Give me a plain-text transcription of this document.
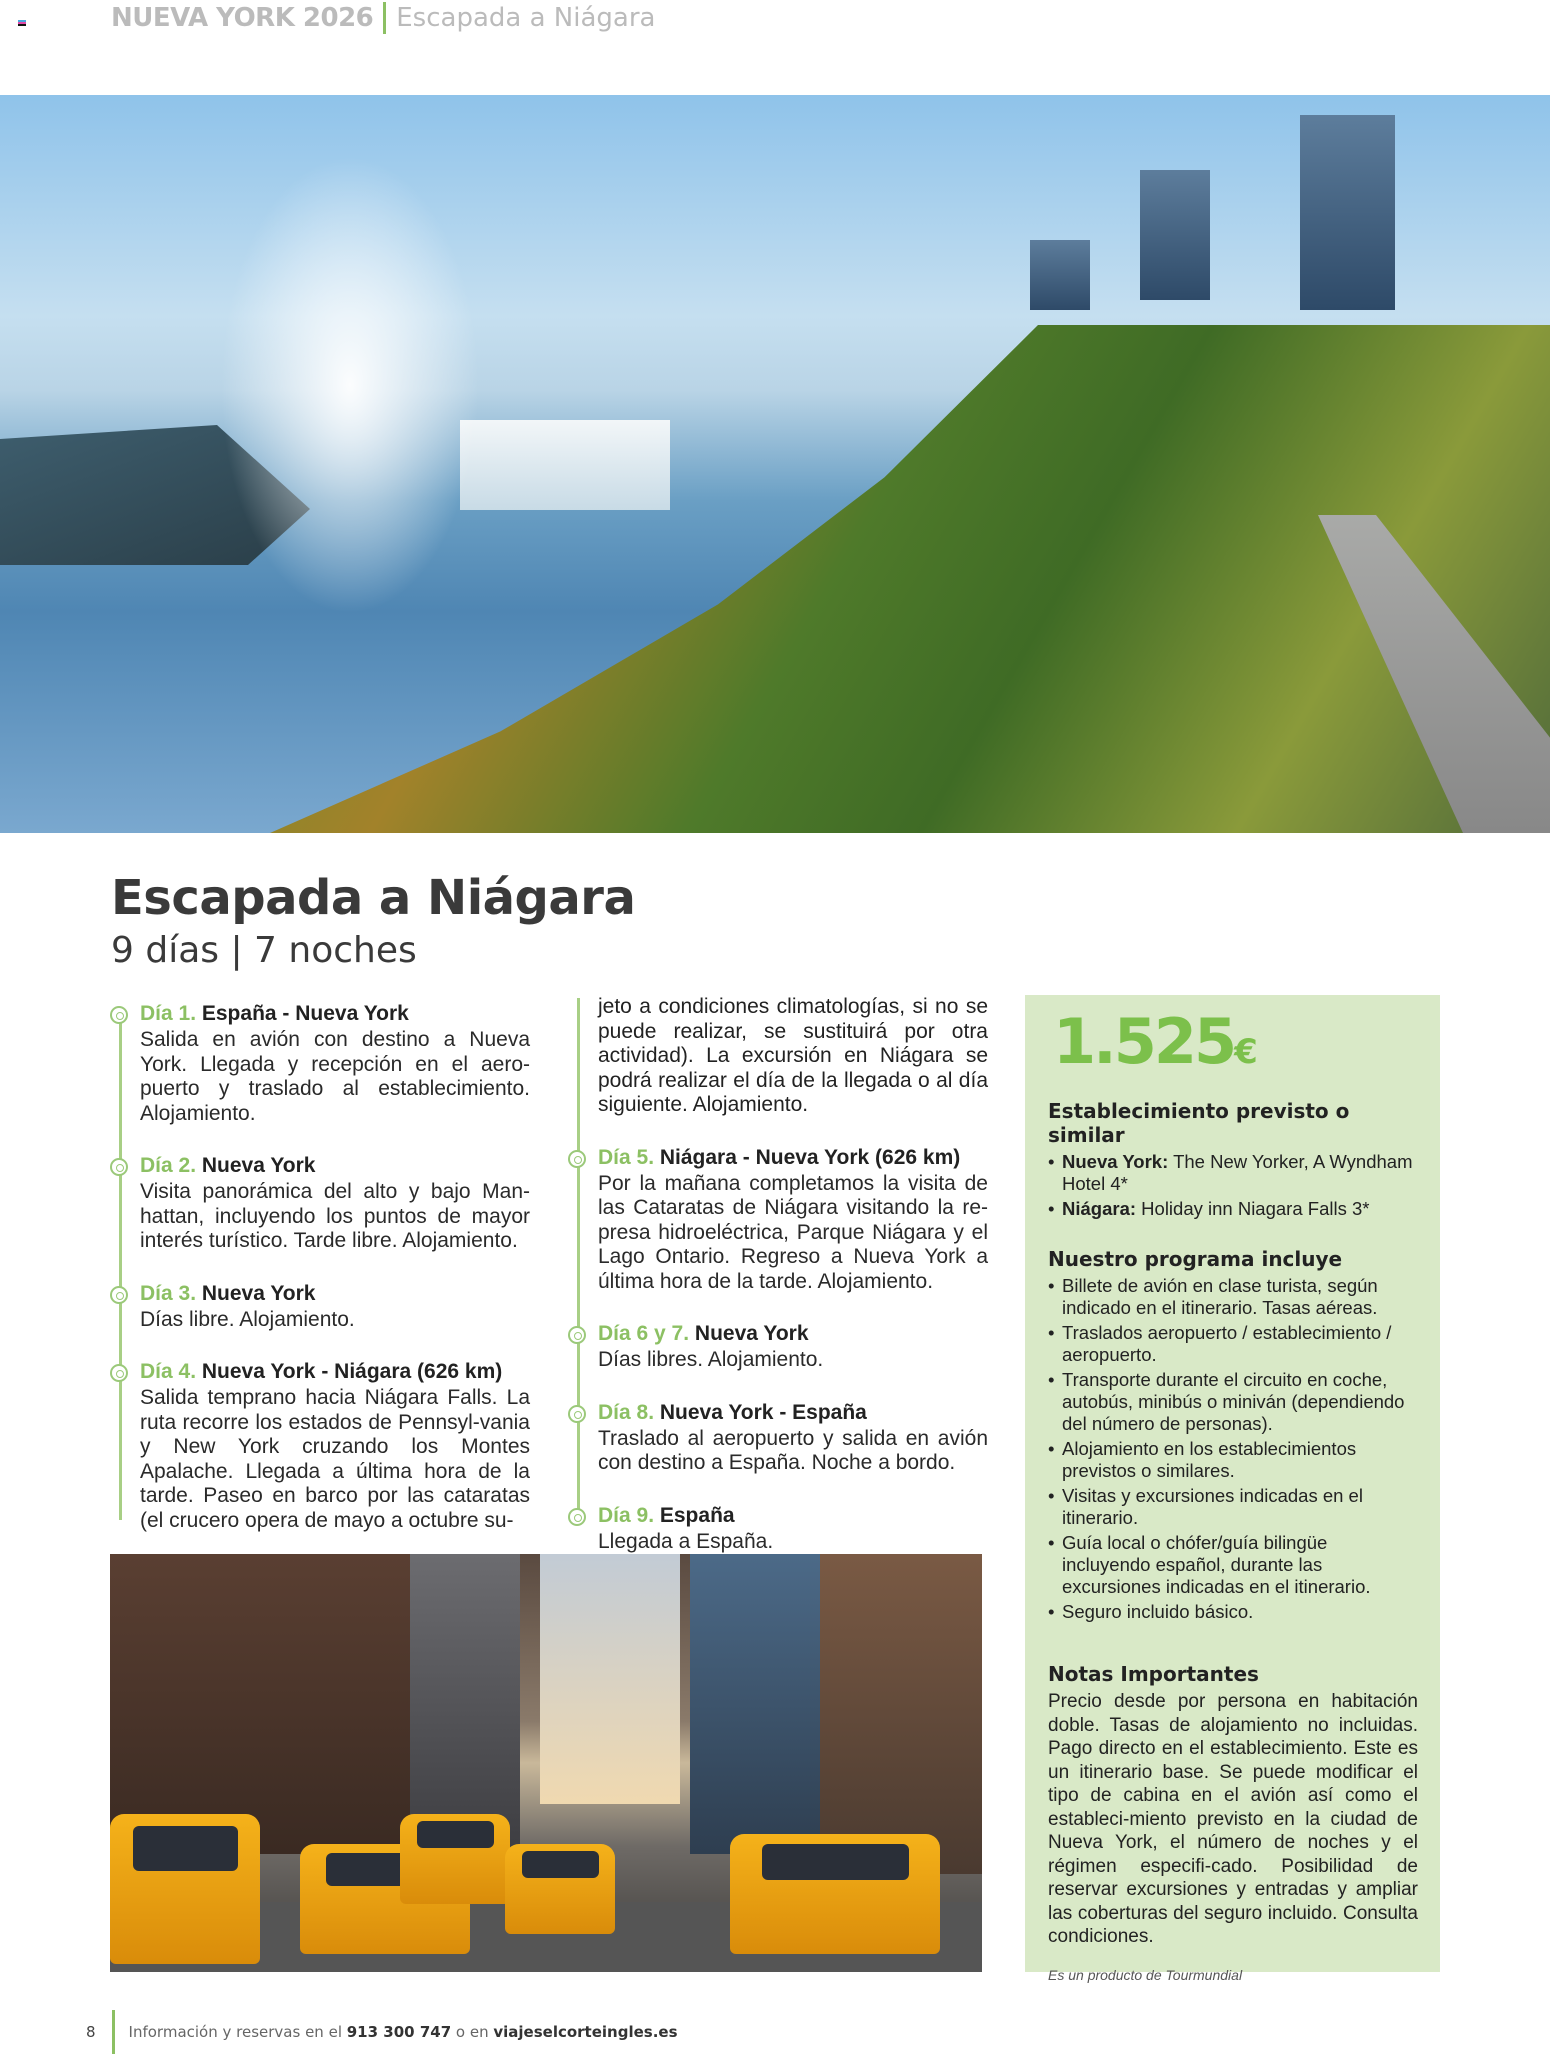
NUEVA YORK 2026 Escapada a Niágara
Escapada a Niágara
9 días | 7 noches
Día 1. España - Nueva York

Salida en avión con destino a Nueva York. Llegada y recepción en el aero-puerto y traslado al establecimiento. Alojamiento.

Día 2. Nueva York

Visita panorámica del alto y bajo Man-hattan, incluyendo los puntos de mayor interés turístico. Tarde libre. Alojamiento.

Día 3. Nueva York

Días libre. Alojamiento.

Día 4. Nueva York - Niágara (626 km)

Salida temprano hacia Niágara Falls. La ruta recorre los estados de Pennsyl-vania y New York cruzando los Montes Apalache. Llegada a última hora de la tarde. Paseo en barco por las cataratas (el crucero opera de mayo a octubre su-

jeto a condiciones climatologías, si no se puede realizar, se sustituirá por otra actividad). La excursión en Niágara se podrá realizar el día de la llegada o al día siguiente. Alojamiento.

Día 5. Niágara - Nueva York (626 km)

Por la mañana completamos la visita de las Cataratas de Niágara visitando la re-presa hidroeléctrica, Parque Niágara y el Lago Ontario. Regreso a Nueva York a última hora de la tarde. Alojamiento.

Día 6 y 7. Nueva York

Días libres. Alojamiento.

Día 8. Nueva York - España

Traslado al aeropuerto y salida en avión con destino a España. Noche a bordo.

Día 9. España

Llegada a España.

1.525€
Establecimiento previsto o similar
• Nueva York: The New Yorker, A Wyndham Hotel 4*
• Niágara: Holiday inn Niagara Falls 3*
Nuestro programa incluye
• Billete de avión en clase turista, según indicado en el itinerario. Tasas aéreas.
• Traslados aeropuerto / establecimiento / aeropuerto.
• Transporte durante el circuito en coche, autobús, minibús o miniván (dependiendo del número de personas).
• Alojamiento en los establecimientos previstos o similares.
• Visitas y excursiones indicadas en el itinerario.
• Guía local o chófer/guía bilingüe incluyendo español, durante las excursiones indicadas en el itinerario.
• Seguro incluido básico.
Notas Importantes

Precio desde por persona en habitación doble. Tasas de alojamiento no incluidas. Pago directo en el establecimiento. Este es un itinerario base. Se puede modificar el tipo de cabina en el avión así como el estableci-miento previsto en la ciudad de Nueva York, el número de noches y el régimen especifi-cado. Posibilidad de reservar excursiones y entradas y ampliar las coberturas del seguro incluido. Consulta condiciones.

Es un producto de Tourmundial

8 Información y reservas en el 913 300 747 o en viajeselcorteingles.es
